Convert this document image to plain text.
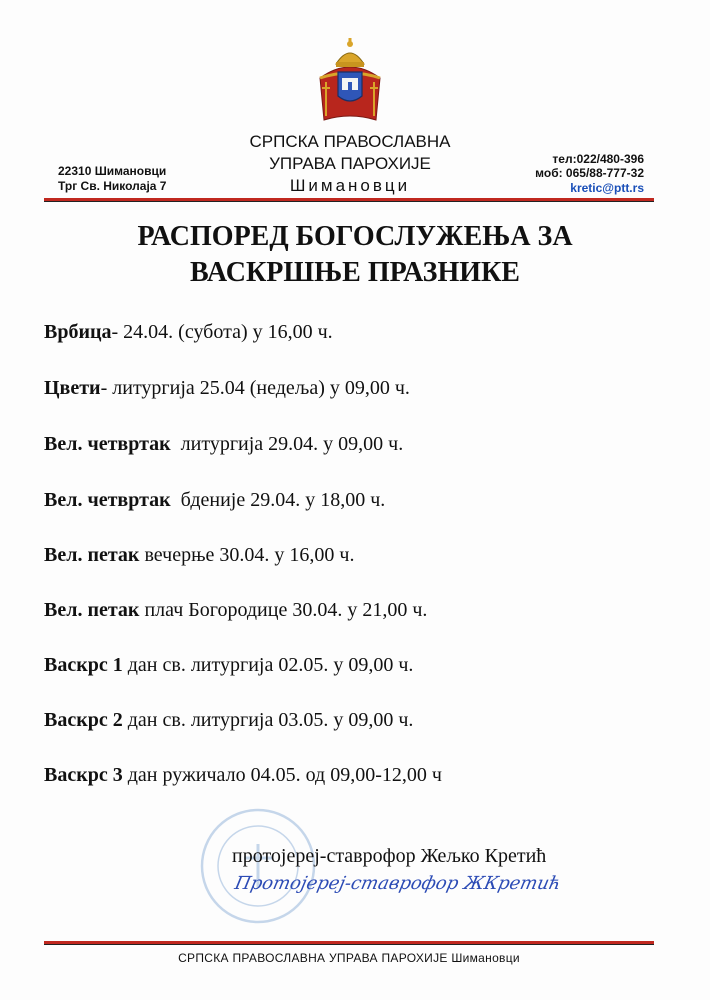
СРПСКА ПРАВОСЛАВНА
УПРАВА ПАРОХИЈЕ
Шимановци
22310 Шимановци
Трг Св. Николаја 7
тел:022/480-396
моб: 065/88-777-32
kretic@ptt.rs
РАСПОРЕД БОГОСЛУЖЕЊА ЗА
ВАСКРШЊЕ ПРАЗНИКЕ
Врбица- 24.04. (субота) у 16,00 ч.
Цвети- литургија 25.04 (недеља) у 09,00 ч.
Вел. четвртак  литургија 29.04. у 09,00 ч.
Вел. четвртак  бденије 29.04. у 18,00 ч.
Вел. петак вечерње 30.04. у 16,00 ч.
Вел. петак плач Богородице 30.04. у 21,00 ч.
Васкрс 1 дан св. литургија 02.05. у 09,00 ч.
Васкрс 2 дан св. литургија 03.05. у 09,00 ч.
Васкрс 3 дан ружичало 04.05. од 09,00-12,00 ч
протојереј-ставрофор Жељко Кретић
Протојереј-ставрофор ЖКретић
СРПСКА ПРАВОСЛАВНА УПРАВА ПАРОХИЈЕ Шимановци
